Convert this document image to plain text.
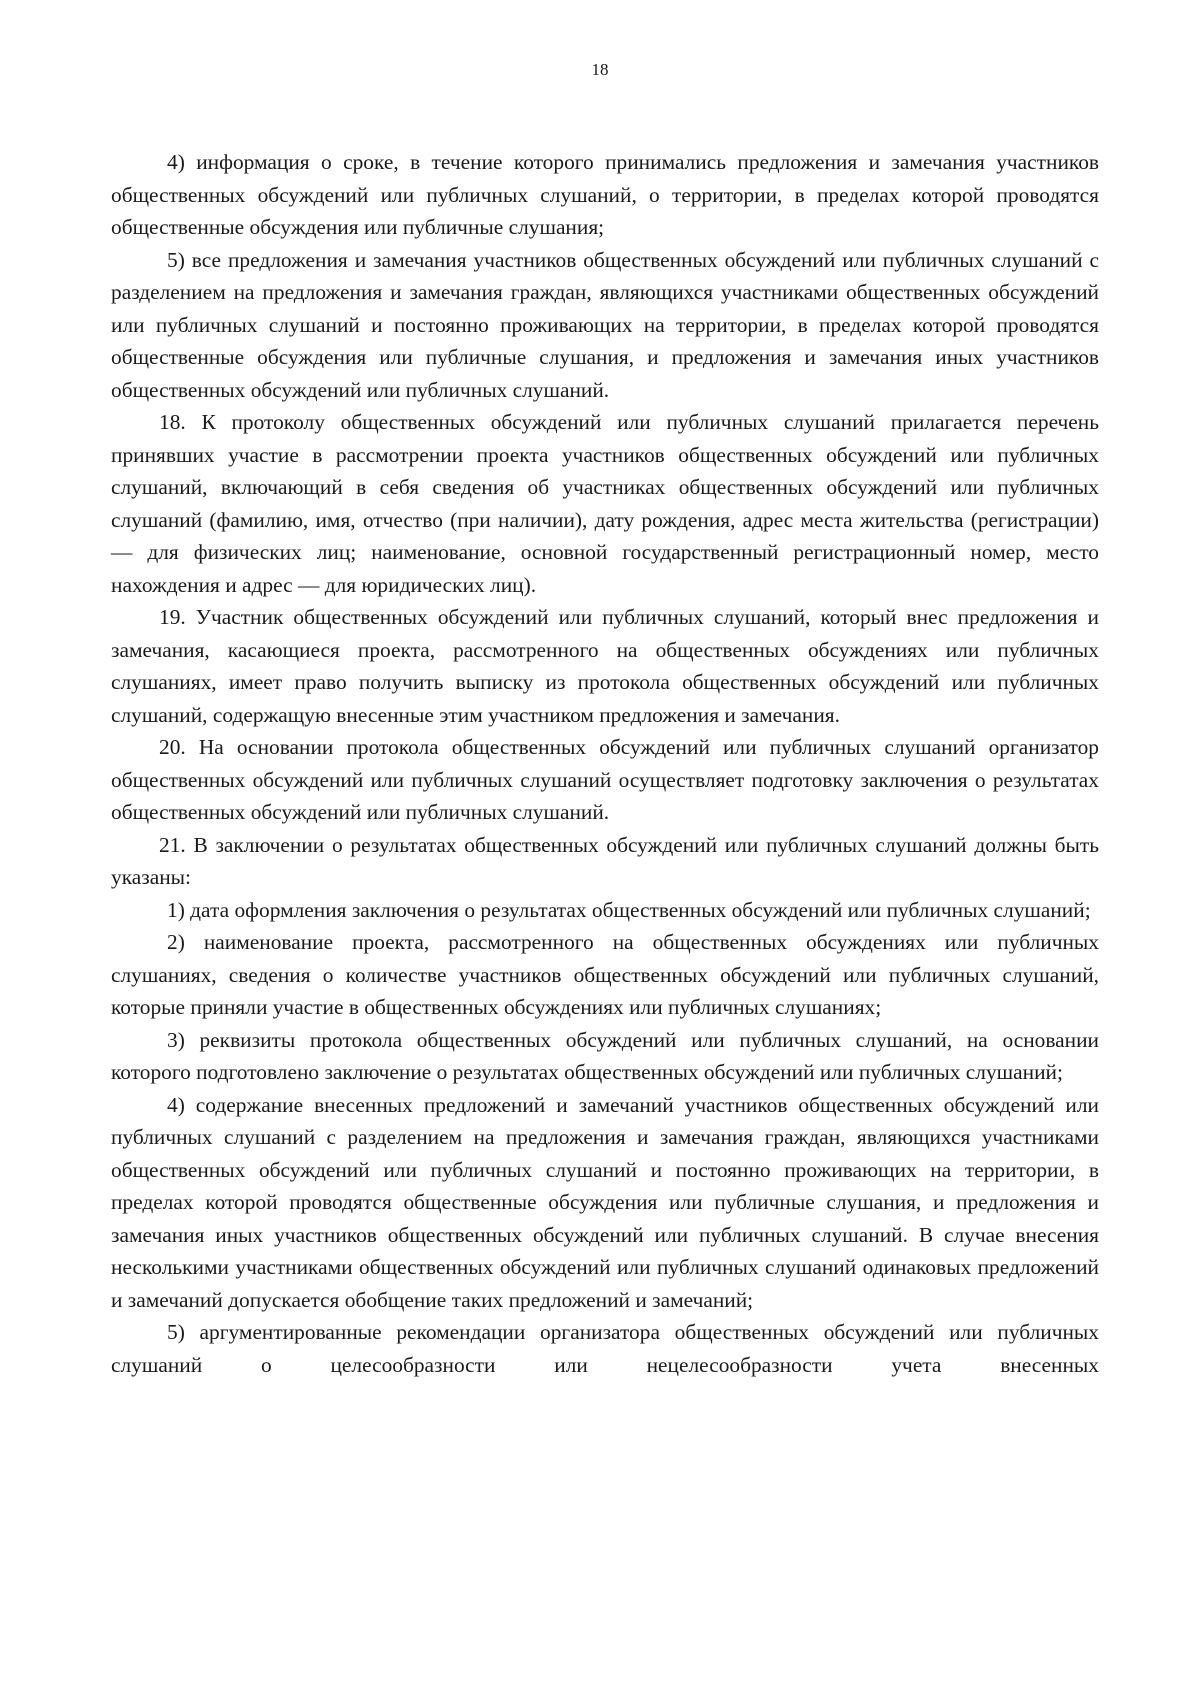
18

4) информация о сроке, в течение которого принимались предложения и замечания участников общественных обсуждений или публичных слушаний, о территории, в пределах которой проводятся общественные обсуждения или публичные слушания;

5) все предложения и замечания участников общественных обсуждений или публичных слушаний с разделением на предложения и замечания граждан, являющихся участниками общественных обсуждений или публичных слушаний и постоянно проживающих на территории, в пределах которой проводятся общественные обсуждения или публичные слушания, и предложения и замечания иных участников общественных обсуждений или публичных слушаний.

18. К протоколу общественных обсуждений или публичных слушаний прилагается перечень принявших участие в рассмотрении проекта участников общественных обсуждений или публичных слушаний, включающий в себя сведения об участниках общественных обсуждений или публичных слушаний (фамилию, имя, отчество (при наличии), дату рождения, адрес места жительства (регистрации) — для физических лиц; наименование, основной государственный регистрационный номер, место нахождения и адрес — для юридических лиц).

19. Участник общественных обсуждений или публичных слушаний, который внес предложения и замечания, касающиеся проекта, рассмотренного на общественных обсуждениях или публичных слушаниях, имеет право получить выписку из протокола общественных обсуждений или публичных слушаний, содержащую внесенные этим участником предложения и замечания.

20. На основании протокола общественных обсуждений или публичных слушаний организатор общественных обсуждений или публичных слушаний осуществляет подготовку заключения о результатах общественных обсуждений или публичных слушаний.

21. В заключении о результатах общественных обсуждений или публичных слушаний должны быть указаны:

1) дата оформления заключения о результатах общественных обсуждений или публичных слушаний;

2) наименование проекта, рассмотренного на общественных обсуждениях или публичных слушаниях, сведения о количестве участников общественных обсуждений или публичных слушаний, которые приняли участие в общественных обсуждениях или публичных слушаниях;

3) реквизиты протокола общественных обсуждений или публичных слушаний, на основании которого подготовлено заключение о результатах общественных обсуждений или публичных слушаний;

4) содержание внесенных предложений и замечаний участников общественных обсуждений или публичных слушаний с разделением на предложения и замечания граждан, являющихся участниками общественных обсуждений или публичных слушаний и постоянно проживающих на территории, в пределах которой проводятся общественные обсуждения или публичные слушания, и предложения и замечания иных участников общественных обсуждений или публичных слушаний. В случае внесения несколькими участниками общественных обсуждений или публичных слушаний одинаковых предложений и замечаний допускается обобщение таких предложений и замечаний;

5) аргументированные рекомендации организатора общественных обсуждений или публичных слушаний о целесообразности или нецелесообразности учета внесенных
